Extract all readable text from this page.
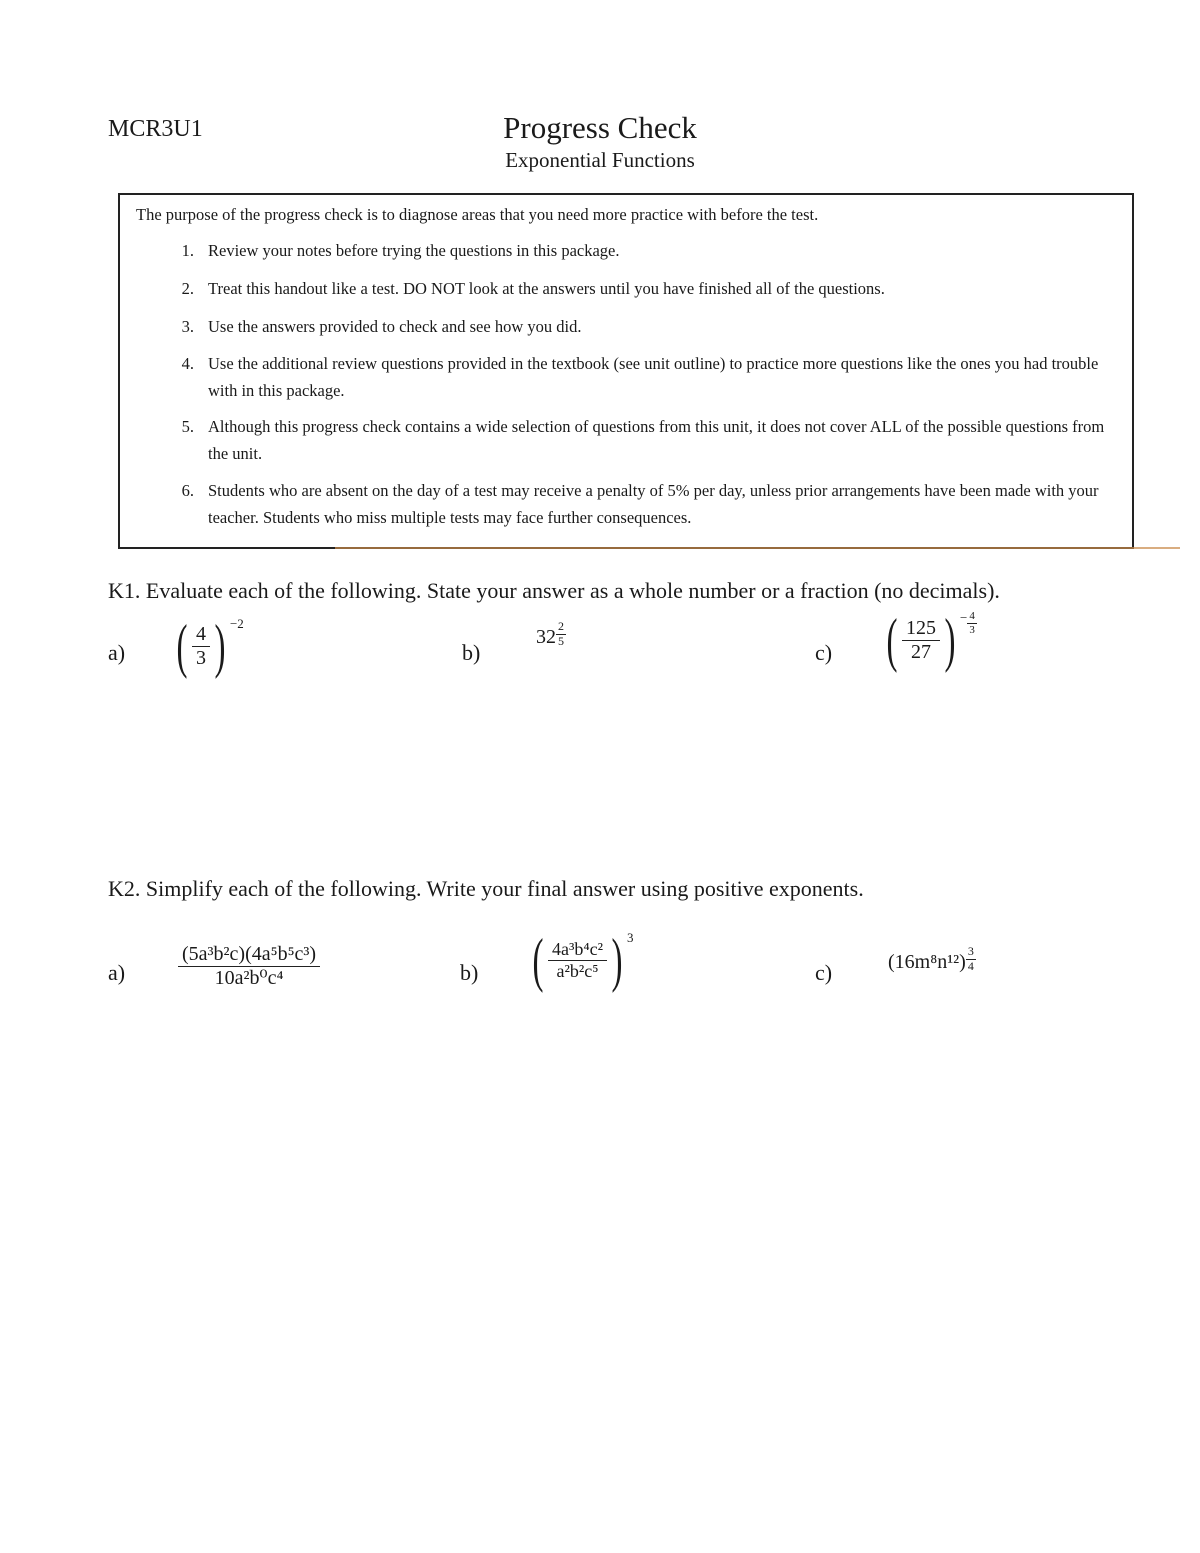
MCR3U1	Progress Check
Exponential Functions
The purpose of the progress check is to diagnose areas that you need more practice with before the test.
1. Review your notes before trying the questions in this package.
2. Treat this handout like a test. DO NOT look at the answers until you have finished all of the questions.
3. Use the answers provided to check and see how you did.
4. Use the additional review questions provided in the textbook (see unit outline) to practice more questions like the ones you had trouble with in this package.
5. Although this progress check contains a wide selection of questions from this unit, it does not cover ALL of the possible questions from the unit.
6. Students who are absent on the day of a test may receive a penalty of 5% per day, unless prior arrangements have been made with your teacher. Students who miss multiple tests may face further consequences.
K1. Evaluate each of the following. State your answer as a whole number or a fraction (no decimals).
a) ( $\frac{4}{3}$ ) $^{-2}$
b)
$32 \frac{2}{5}$
c) ( $\frac{125}{27}$ ) $^- \frac{4}{3}$
K2. Simplify each of the following. Write your final answer using positive exponents.
a)	$\frac{\text{(5a³b²c)(4a⁵b⁵c³)}}{\text{10a²b⁰c⁴}}$	b) ( $\frac{\text{4a³b⁴c²}}{\text{a²b²c⁵}}$ ) $^3$
c)	$(16m^8n^{12}) \frac{3}{4}$
